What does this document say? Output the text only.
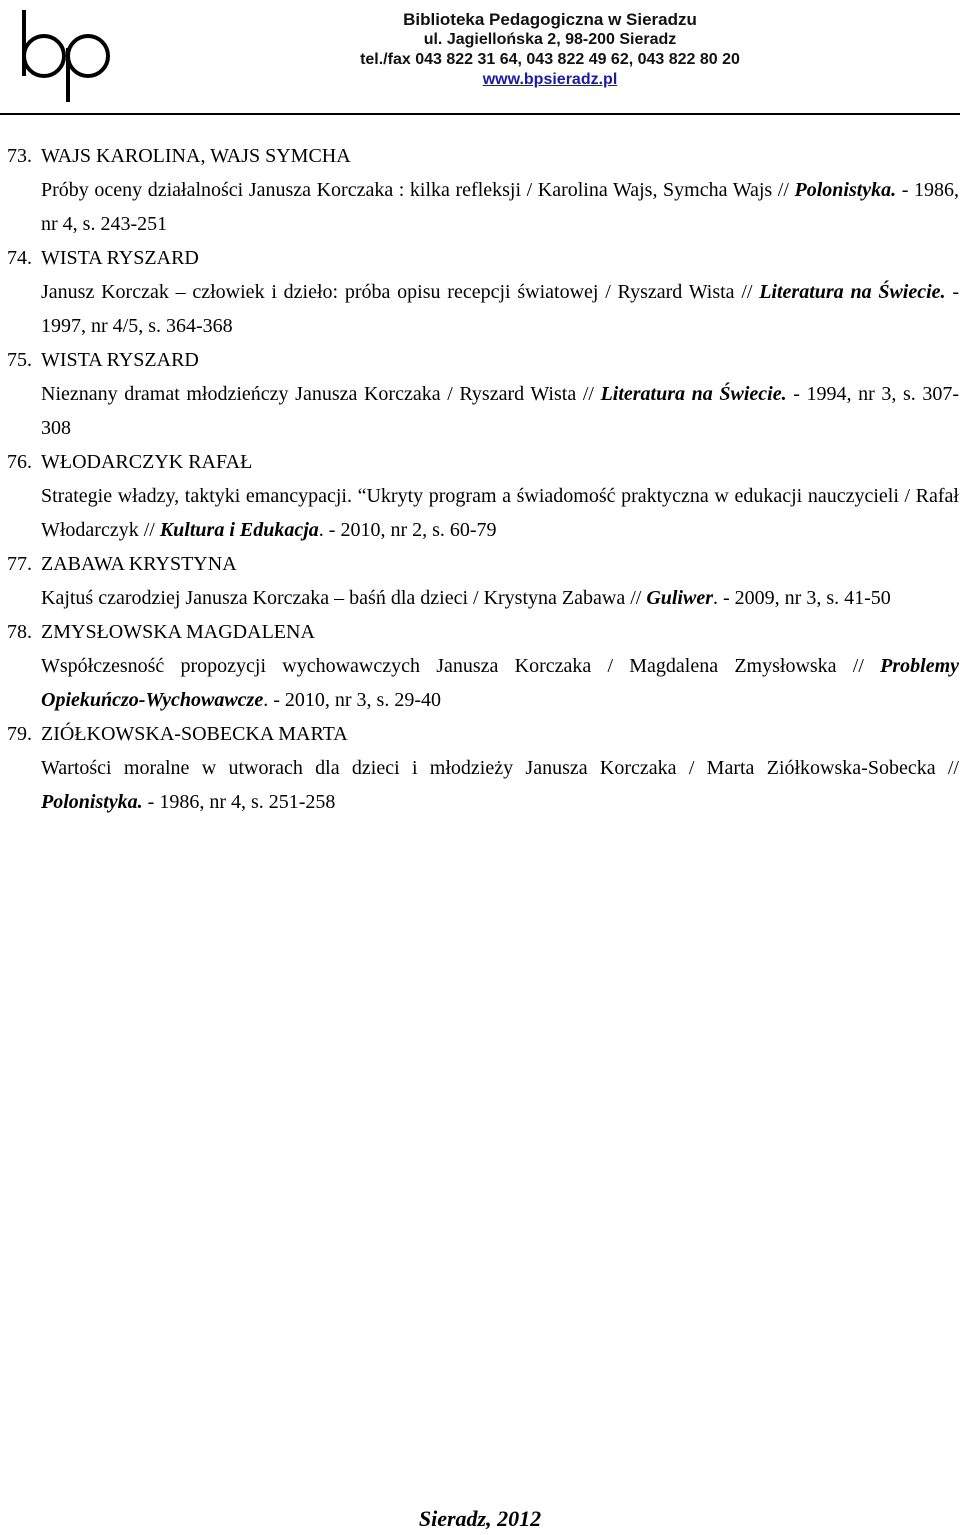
Biblioteka Pedagogiczna w Sieradzu
ul. Jagiellońska 2, 98-200 Sieradz
tel./fax 043 822 31 64, 043 822 49 62, 043 822 80 20
www.bpsieradz.pl
73. WAJS KAROLINA, WAJS SYMCHA
Próby oceny działalności Janusza Korczaka : kilka refleksji / Karolina Wajs, Symcha Wajs // Polonistyka. - 1986, nr 4, s. 243-251
74. WISTA RYSZARD
Janusz Korczak – człowiek i dzieło: próba opisu recepcji światowej / Ryszard Wista // Literatura na Świecie. - 1997, nr 4/5, s. 364-368
75. WISTA RYSZARD
Nieznany dramat młodzieńczy Janusza Korczaka / Ryszard Wista // Literatura na Świecie. - 1994, nr 3, s. 307-308
76. WŁODARCZYK RAFAŁ
Strategie władzy, taktyki emancypacji. “Ukryty program a świadomość praktyczna w edukacji nauczycieli / Rafał Włodarczyk // Kultura i Edukacja. - 2010, nr 2, s. 60-79
77. ZABAWA KRYSTYNA
Kajtuś czarodziej Janusza Korczaka – baśń dla dzieci / Krystyna Zabawa // Guliwer. - 2009, nr 3, s. 41-50
78. ZMYSŁOWSKA MAGDALENA
Współczesność propozycji wychowawczych Janusza Korczaka / Magdalena Zmysłowska // Problemy Opiekuńczo-Wychowawcze. - 2010, nr 3, s. 29-40
79. ZIÓŁKOWSKA-SOBECKA MARTA
Wartości moralne w utworach dla dzieci i młodzieży Janusza Korczaka / Marta Ziółkowska-Sobecka // Polonistyka. - 1986, nr 4, s. 251-258
Sieradz, 2012
